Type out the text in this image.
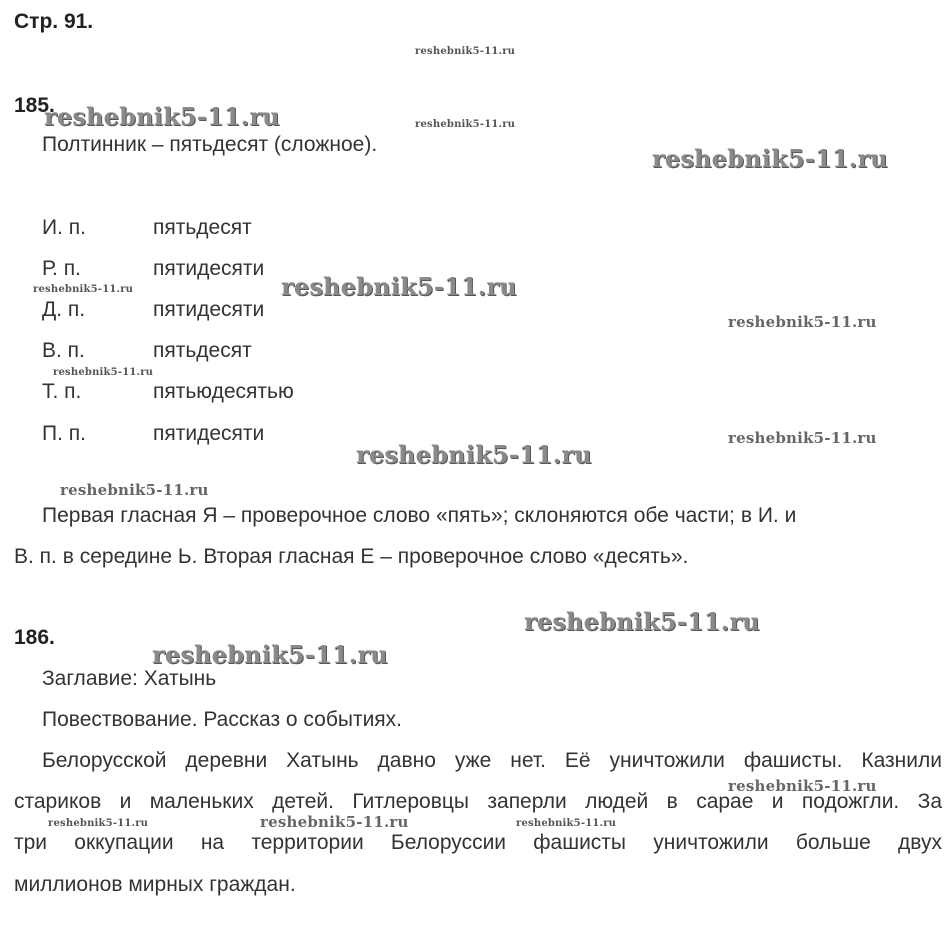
Стр. 91.
185.
Полтинник – пятьдесят (сложное).
И. п.	пятьдесят
Р. п.	пятидесяти
Д. п.	пятидесяти
В. п.	пятьдесят
Т. п.	пятьюдесятью
П. п.	пятидесяти
Первая гласная Я – проверочное слово «пять»; склоняются обе части; в И. и
В. п. в середине Ь. Вторая гласная Е – проверочное слово «десять».
186.
Заглавие: Хатынь
Повествование. Рассказ о событиях.
Белорусской деревни Хатынь давно уже нет. Её уничтожили фашисты. Казнили
стариков и маленьких детей. Гитлеровцы заперли людей в сарае и подожгли. За
три оккупации на территории Белоруссии фашисты уничтожили больше двух
миллионов мирных граждан.
reshebnik5-11.ru
reshebnik5-11.ru	reshebnik5-11.ru
reshebnik5-11.ru
reshebnik5-11.ru
reshebnik5-11.ru
reshebnik5-11.ru
reshebnik5-11.ru
reshebnik5-11.ru
reshebnik5-11.ru
reshebnik5-11.ru
reshebnik5-11.ru
reshebnik5-11.ru
reshebnik5-11.ru
reshebnik5-11.ru	reshebnik5-11.ru	reshebnik5-11.ru
